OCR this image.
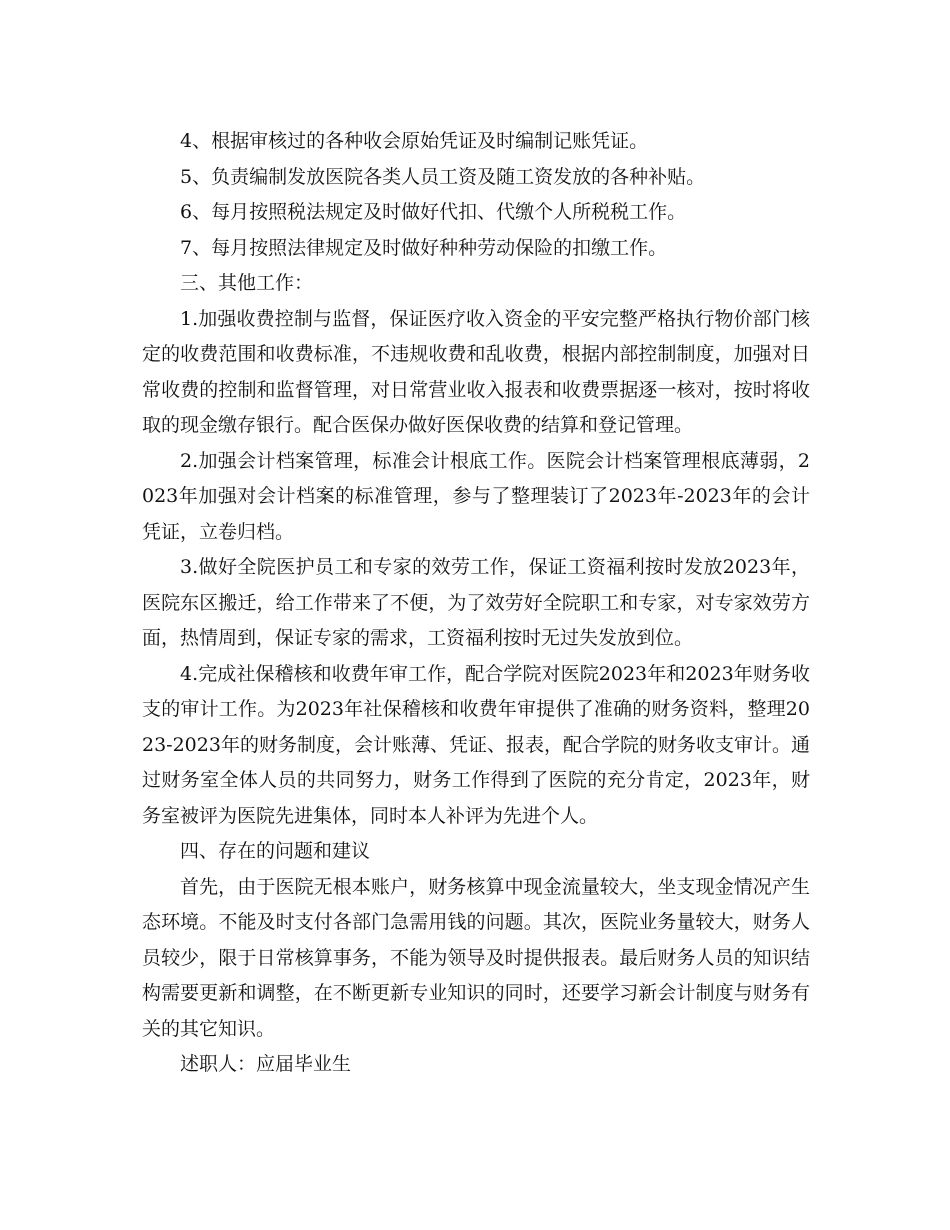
4、根据审核过的各种收会原始凭证及时编制记账凭证。

5、负责编制发放医院各类人员工资及随工资发放的各种补贴。

6、每月按照税法规定及时做好代扣、代缴个人所税税工作。

7、每月按照法律规定及时做好种种劳动保险的扣缴工作。

三、其他工作：

1.加强收费控制与监督，保证医疗收入资金的平安完整严格执行物价部门核定的收费范围和收费标准，不违规收费和乱收费，根据内部控制制度，加强对日常收费的控制和监督管理，对日常营业收入报表和收费票据逐一核对，按时将收取的现金缴存银行。配合医保办做好医保收费的结算和登记管理。

2.加强会计档案管理，标准会计根底工作。医院会计档案管理根底薄弱，2023年加强对会计档案的标准管理，参与了整理装订了2023年-2023年的会计凭证，立卷归档。

3.做好全院医护员工和专家的效劳工作，保证工资福利按时发放2023年，医院东区搬迁，给工作带来了不便，为了效劳好全院职工和专家，对专家效劳方面，热情周到，保证专家的需求，工资福利按时无过失发放到位。

4.完成社保稽核和收费年审工作，配合学院对医院2023年和2023年财务收支的审计工作。为2023年社保稽核和收费年审提供了准确的财务资料，整理2023-2023年的财务制度，会计账薄、凭证、报表，配合学院的财务收支审计。通过财务室全体人员的共同努力，财务工作得到了医院的充分肯定，2023年，财务室被评为医院先进集体，同时本人补评为先进个人。

四、存在的问题和建议

首先，由于医院无根本账户，财务核算中现金流量较大，坐支现金情况产生态环境。不能及时支付各部门急需用钱的问题。其次，医院业务量较大，财务人员较少，限于日常核算事务，不能为领导及时提供报表。最后财务人员的知识结构需要更新和调整，在不断更新专业知识的同时，还要学习新会计制度与财务有关的其它知识。

述职人：应届毕业生
